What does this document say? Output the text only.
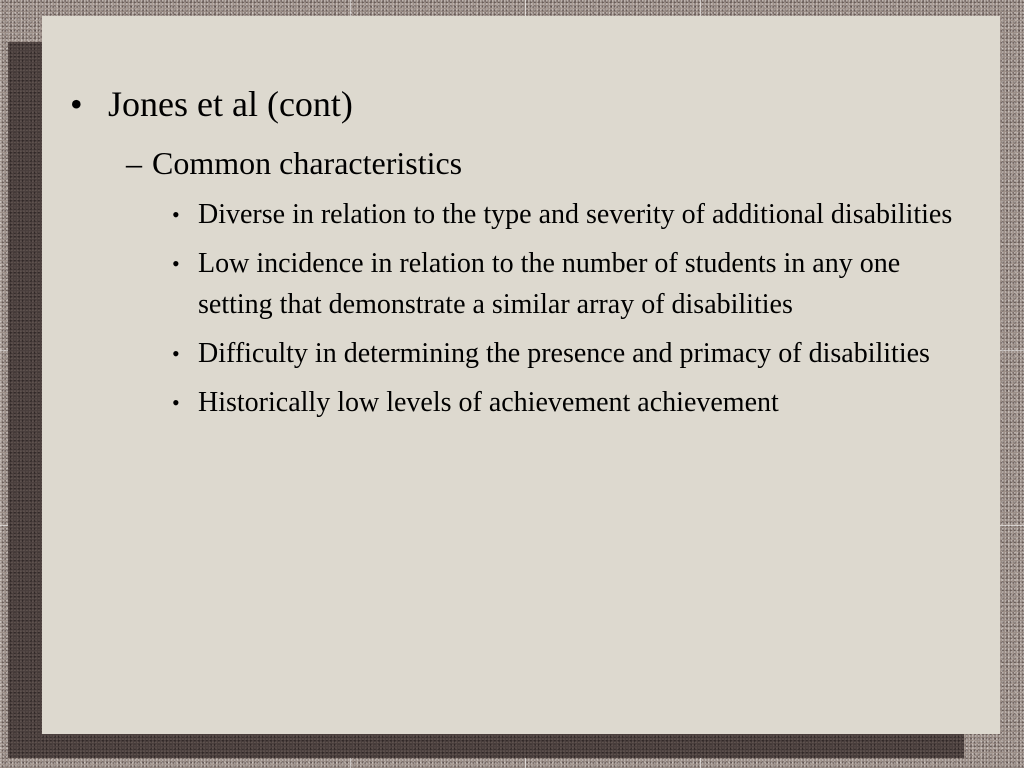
• Jones et al (cont)
– Common characteristics
• Diverse in relation to the type and severity of additional disabilities
• Low incidence in relation to the number of students in any one setting that demonstrate a similar array of disabilities
• Difficulty in determining the presence and primacy of disabilities
• Historically low levels of achievement achievement
